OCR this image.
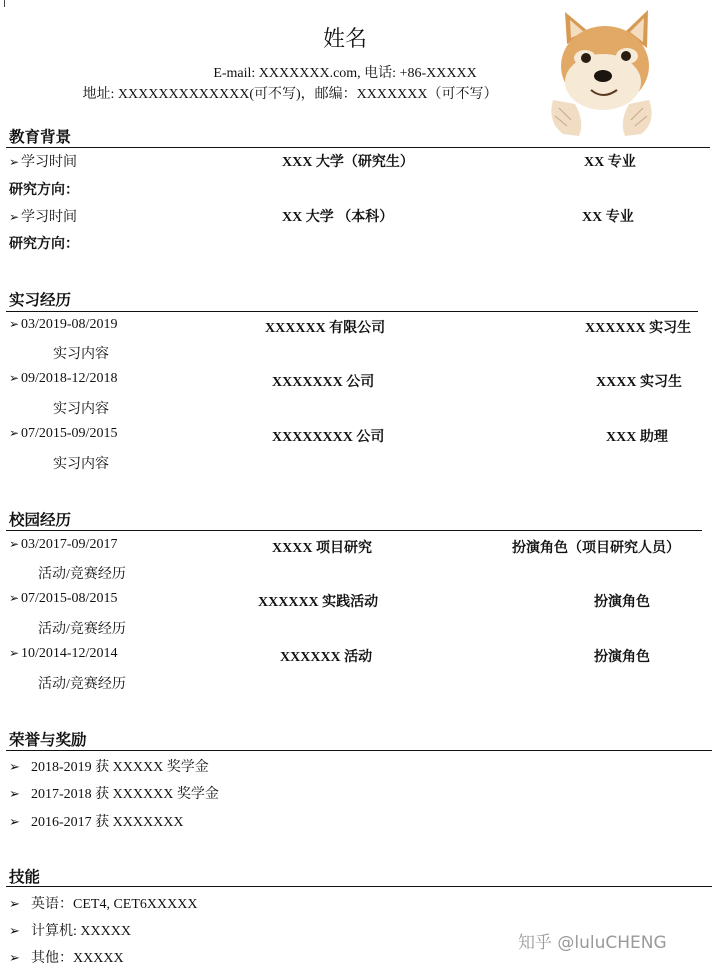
姓名
E-mail: XXXXXXX.com, 电话: +86-XXXXX
地址: XXXXXXXXXXXXX(可不写)，邮编：XXXXXXX（可不写）
教育背景
➢ 学习时间	XXX 大学（研究生）	XX 专业
研究方向：
➢ 学习时间	XX 大学 （本科）	XX 专业
研究方向：
实习经历
➢ 03/2019-08/2019	XXXXXX 有限公司	XXXXXX 实习生
实习内容
➢ 09/2018-12/2018	XXXXXXX 公司	XXXX 实习生
实习内容
➢ 07/2015-09/2015	XXXXXXXX 公司	XXX 助理
实习内容
校园经历
➢ 03/2017-09/2017	XXXX 项目研究	扮演角色（项目研究人员）
活动/竞赛经历
➢ 07/2015-08/2015	XXXXXX 实践活动	扮演角色
活动/竞赛经历
➢ 10/2014-12/2014	XXXXXX 活动	扮演角色
活动/竞赛经历
荣誉与奖励
➢ 2018-2019 获 XXXXX 奖学金
➢ 2017-2018 获 XXXXXX 奖学金
➢ 2016-2017 获 XXXXXXX
技能
➢ 英语：CET4, CET6XXXXX
➢ 计算机: XXXXX
➢ 其他：XXXXX
知乎 @luluCHENG
